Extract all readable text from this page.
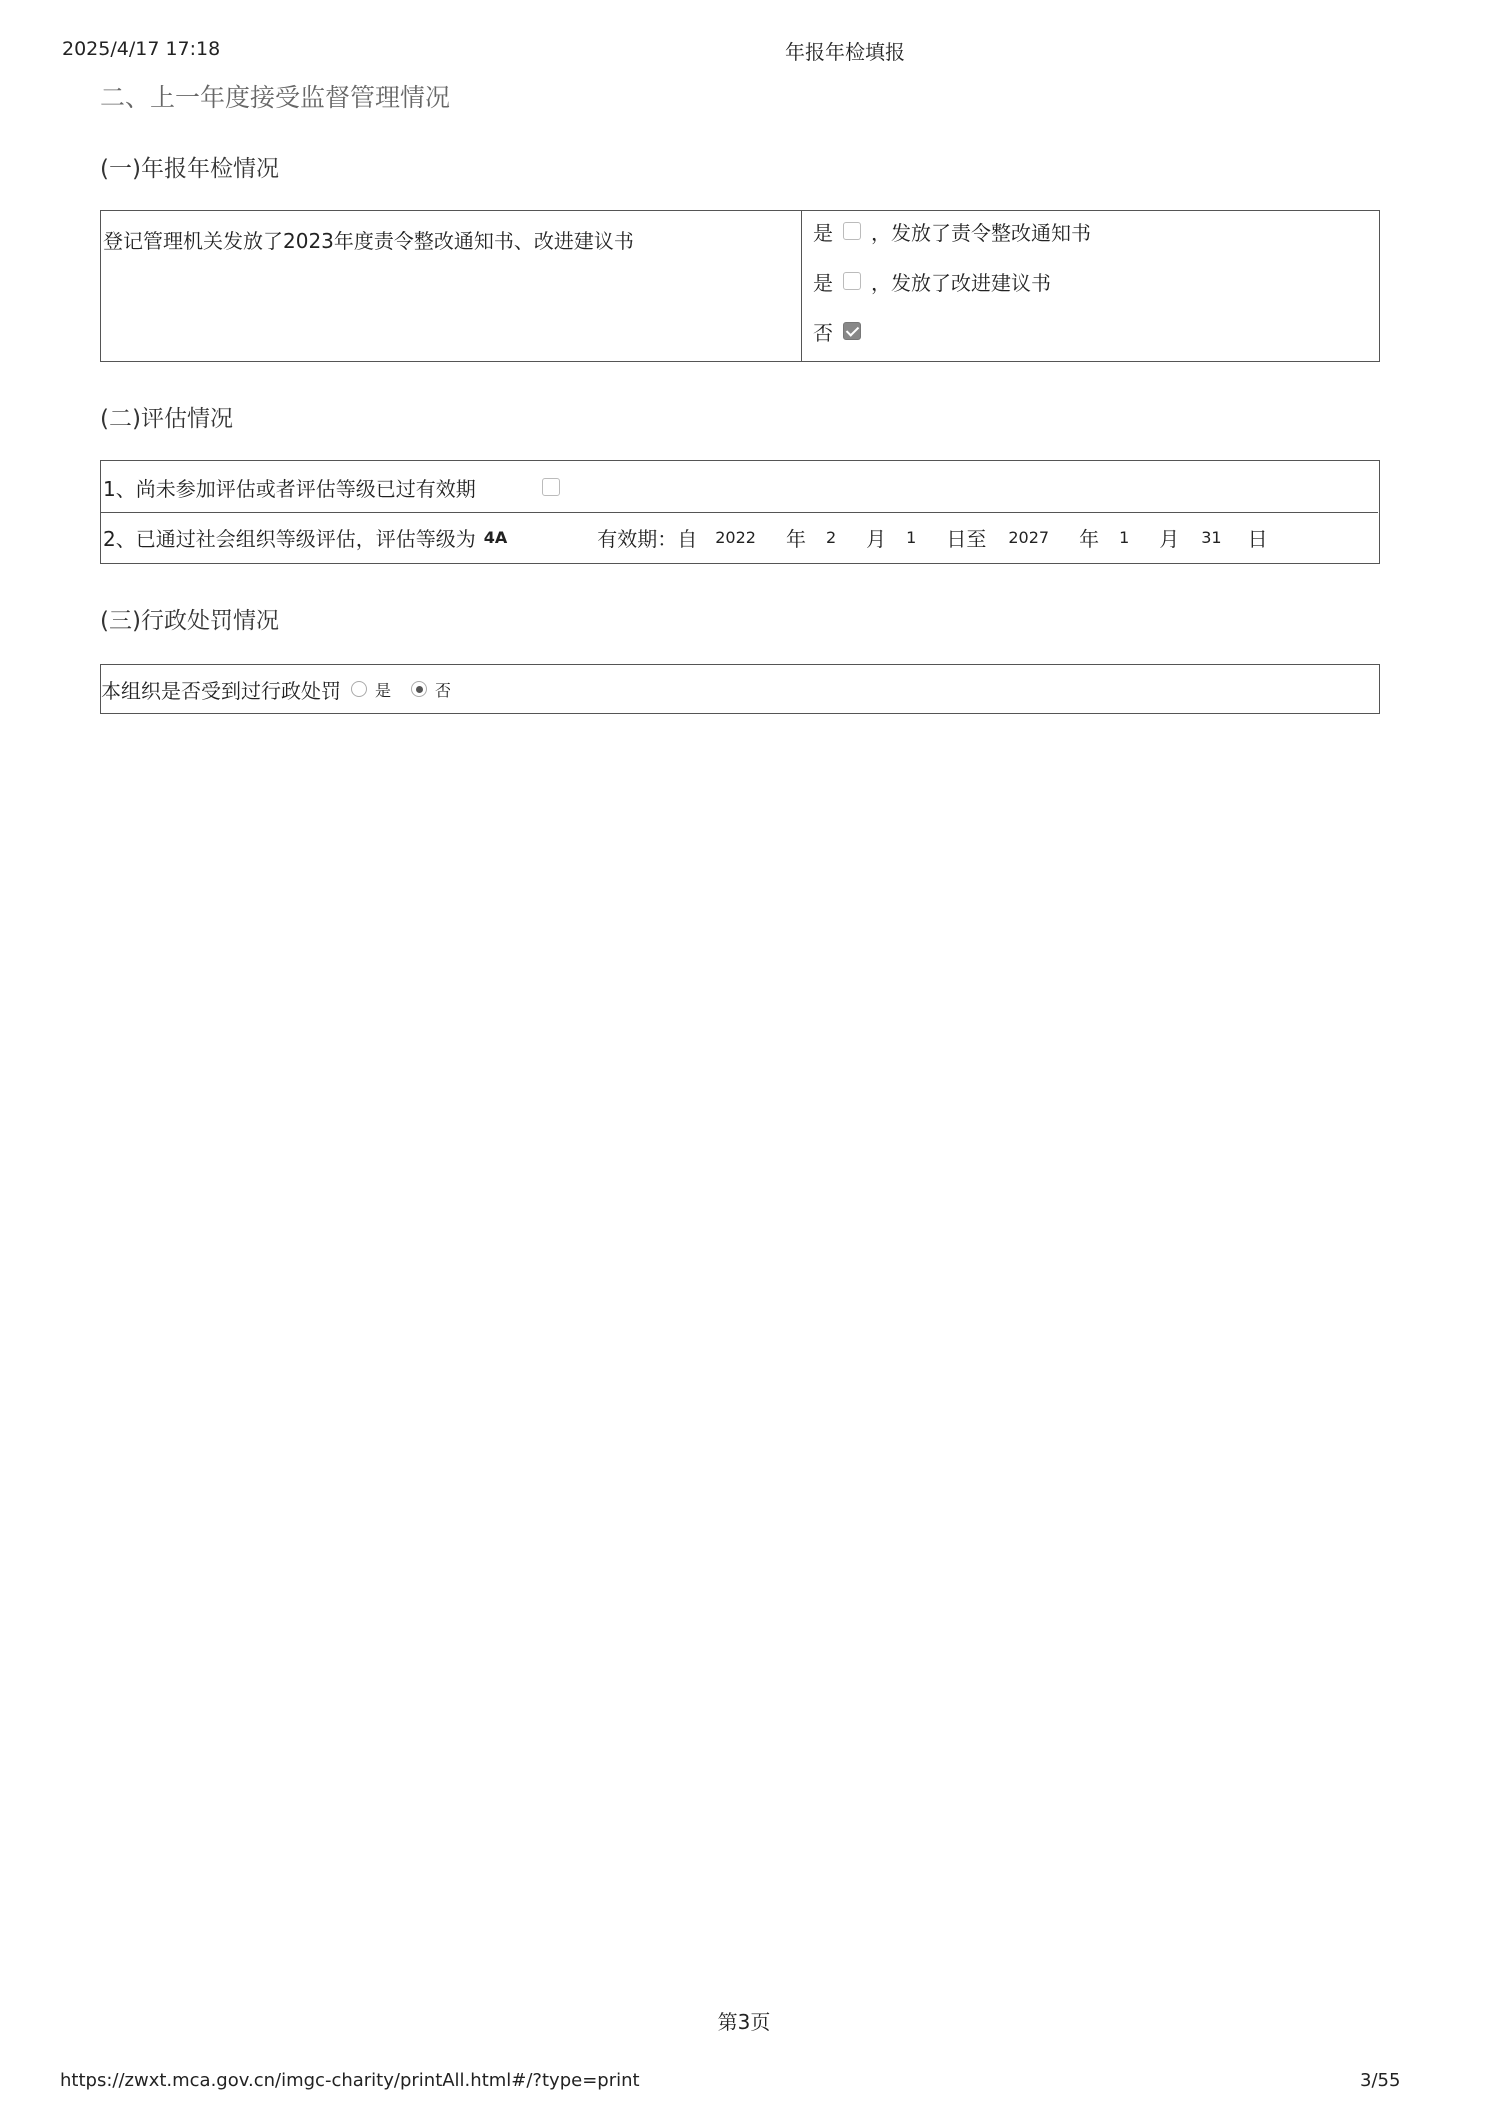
2025/4/17 17:18	年报年检填报
二、上一年度接受监督管理情况
(一)年报年检情况
登记管理机关发放了2023年度责令整改通知书、改进建议书	是 ，发放了责令整改通知书
是 ，发放了改进建议书
否
(二)评估情况
1、尚未参加评估或者评估等级已过有效期
2、已通过社会组织等级评估，评估等级为 4A	有效期：自 2022 年 2 月 1 日至 2027 年 1 月 31 日
(三)行政处罚情况
本组织是否受到过行政处罚 是	否
第3页
https://zwxt.mca.gov.cn/imgc-charity/printAll.html#/?type=print	3/55
